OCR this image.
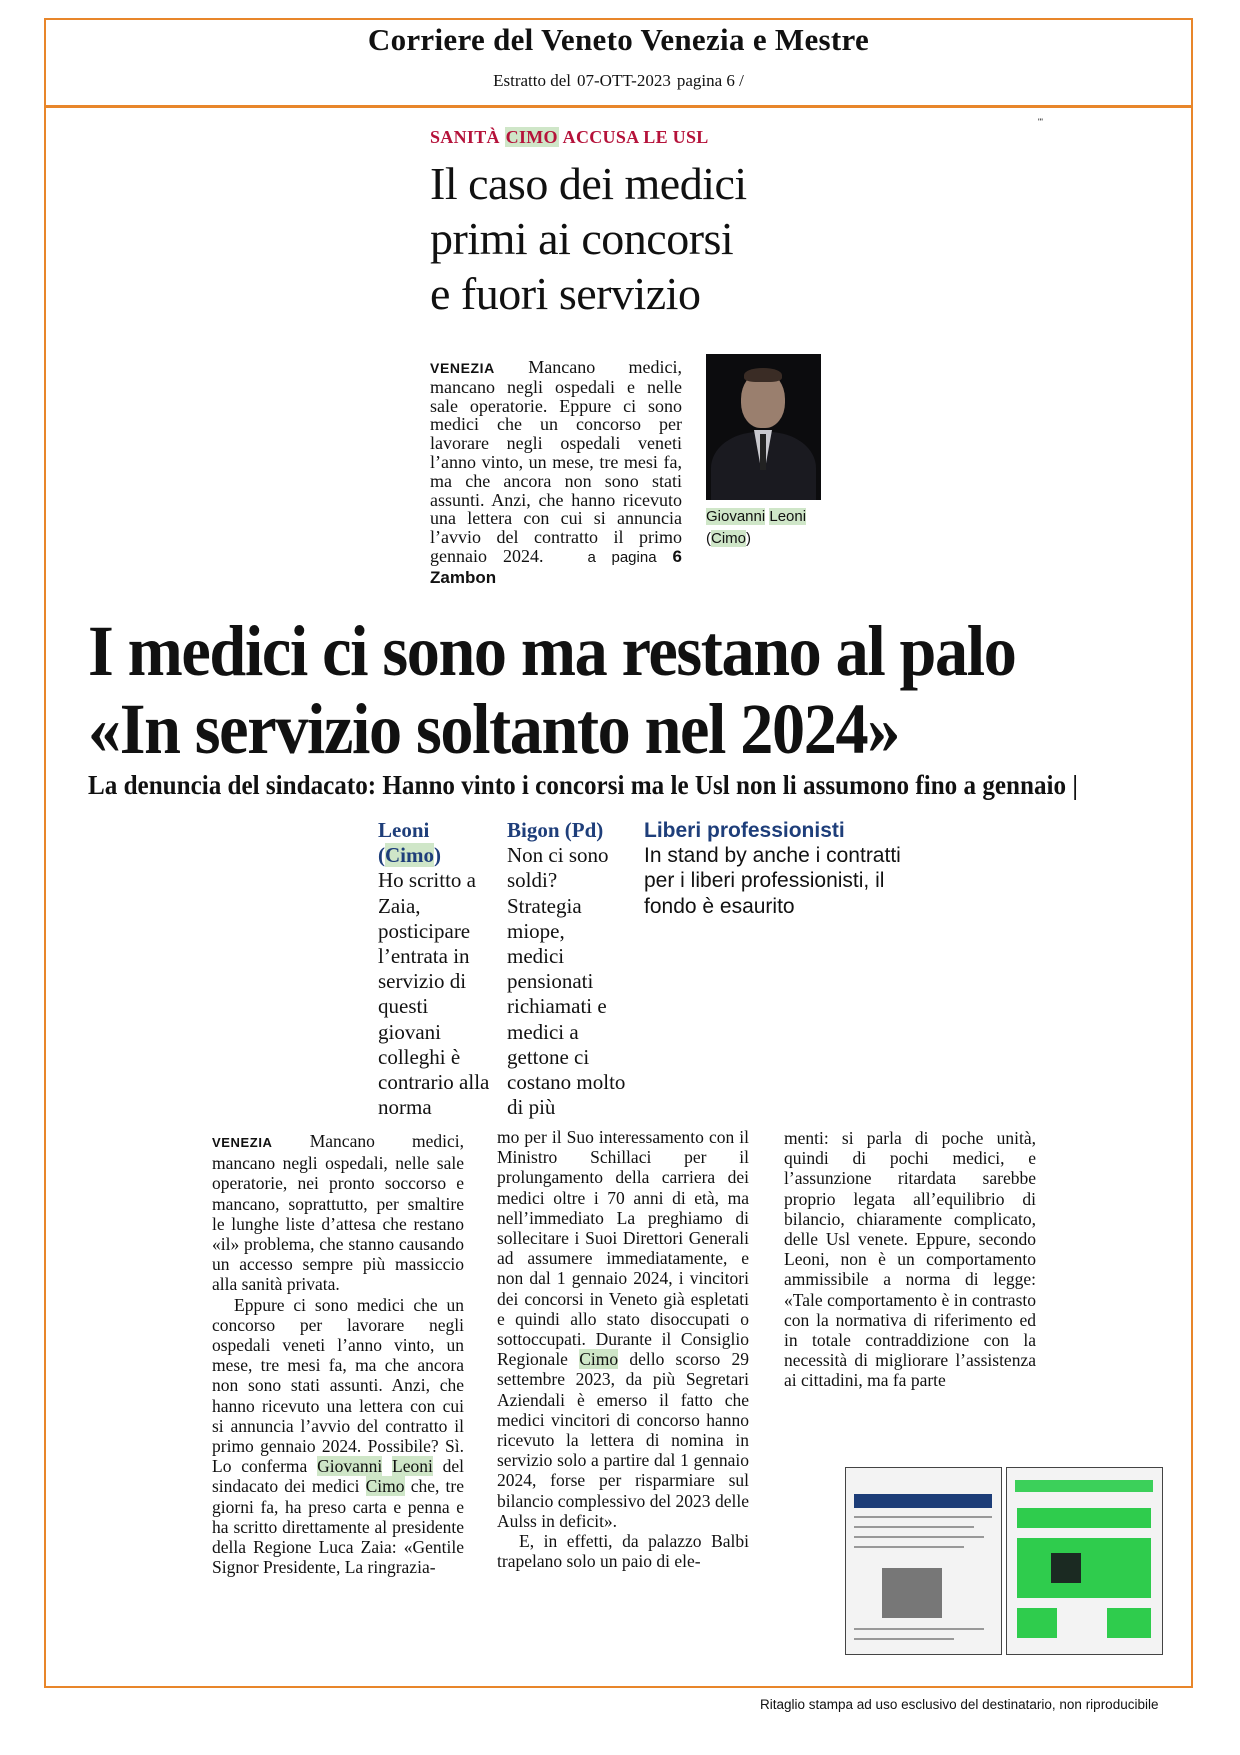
Corriere del Veneto Venezia e Mestre
Estratto del 07-OTT-2023 pagina 6 /
"'
SANITÀ CIMO ACCUSA LE USL
Il caso dei medici
primi ai concorsi
e fuori servizio
VENEZIA Mancano medici, mancano negli ospedali e nelle sale operatorie. Eppure ci sono medici che un concorso per lavorare negli ospedali veneti l’anno vinto, un mese, tre mesi fa, ma che ancora non sono stati assunti. Anzi, che hanno ricevuto una lettera con cui si annuncia l’avvio del contratto il primo gennaio 2024.	a pagina 6 Zambon
Giovanni Leoni
(Cimo)
I medici ci sono ma restano al palo
«In servizio soltanto nel 2024»
La denuncia del sindacato: Hanno vinto i concorsi ma le Usl non li assumono fino a gennaio |
Leoni
(Cimo)
Ho scritto a Zaia, posticipare l’entrata in servizio di questi giovani colleghi è contrario alla norma
Bigon (Pd)
Non ci sono soldi? Strategia miope, medici pensionati richiamati e medici a gettone ci costano molto di più
Liberi professionisti
In stand by anche i contratti per i liberi professionisti, il fondo è esaurito

VENEZIA Mancano medici, mancano negli ospedali, nelle sale operatorie, nei pronto soccorso e mancano, soprattutto, per smaltire le lunghe liste d’attesa che restano «il» problema, che stanno causando un accesso sempre più massiccio alla sanità privata.

Eppure ci sono medici che un concorso per lavorare negli ospedali veneti l’anno vinto, un mese, tre mesi fa, ma che ancora non sono stati assunti. Anzi, che hanno ricevuto una lettera con cui si annuncia l’avvio del contratto il primo gennaio 2024. Possibile? Sì. Lo conferma Giovanni Leoni del sindacato dei medici Cimo che, tre giorni fa, ha preso carta e penna e ha scritto direttamente al presidente della Regione Luca Zaia: «Gentile Signor Presidente, La ringrazia-

mo per il Suo interessamento con il Ministro Schillaci per il prolungamento della carriera dei medici oltre i 70 anni di età, ma nell’immediato La preghiamo di sollecitare i Suoi Direttori Generali ad assumere immediatamente, e non dal 1 gennaio 2024, i vincitori dei concorsi in Veneto già espletati e quindi allo stato disoccupati o sottoccupati. Durante il Consiglio Regionale Cimo dello scorso 29 settembre 2023, da più Segretari Aziendali è emerso il fatto che medici vincitori di concorso hanno ricevuto la lettera di nomina in servizio solo a partire dal 1 gennaio 2024, forse per risparmiare sul bilancio complessivo del 2023 delle Aulss in deficit».

E, in effetti, da palazzo Balbi trapelano solo un paio di ele-

menti: si parla di poche unità, quindi di pochi medici, e l’assunzione ritardata sarebbe proprio legata all’equilibrio di bilancio, chiaramente complicato, delle Usl venete. Eppure, secondo Leoni, non è un comportamento ammissibile a norma di legge: «Tale comportamento è in contrasto con la normativa di riferimento ed in totale contraddizione con la necessità di migliorare l’assistenza ai cittadini, ma fa parte

Ritaglio stampa ad uso esclusivo del destinatario, non riproducibile
